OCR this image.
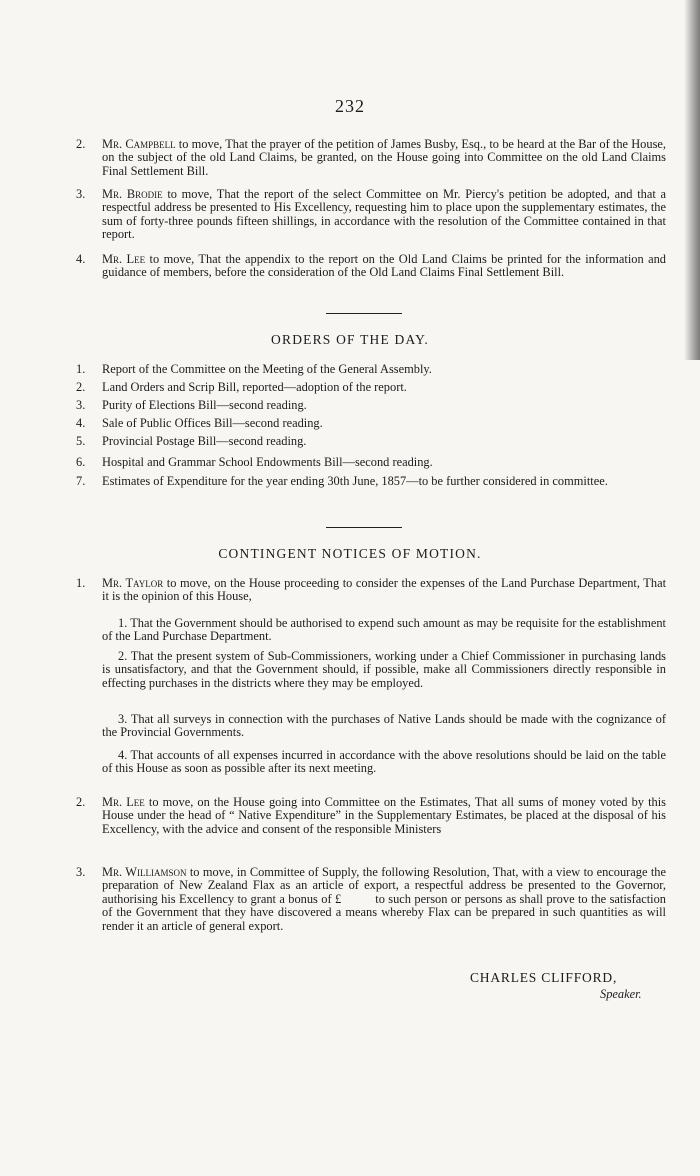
232
2. Mr. Campbell to move, That the prayer of the petition of James Busby, Esq., to be heard at the Bar of the House, on the subject of the old Land Claims, be granted, on the House going into Committee on the old Land Claims Final Settlement Bill.
3. Mr. Brodie to move, That the report of the select Committee on Mr. Piercy's petition be adopted, and that a respectful address be presented to His Excellency, requesting him to place upon the supplementary estimates, the sum of forty-three pounds fifteen shillings, in accordance with the resolution of the Committee contained in that report.
4. Mr. Lee to move, That the appendix to the report on the Old Land Claims be printed for the information and guidance of members, before the consideration of the Old Land Claims Final Settlement Bill.
ORDERS OF THE DAY.
1. Report of the Committee on the Meeting of the General Assembly.
2. Land Orders and Scrip Bill, reported—adoption of the report.
3. Purity of Elections Bill—second reading.
4. Sale of Public Offices Bill—second reading.
5. Provincial Postage Bill—second reading.
6. Hospital and Grammar School Endowments Bill—second reading.
7. Estimates of Expenditure for the year ending 30th June, 1857—to be further considered in committee.
CONTINGENT NOTICES OF MOTION.
1. Mr. Taylor to move, on the House proceeding to consider the expenses of the Land Purchase Department, That it is the opinion of this House,
1. That the Government should be authorised to expend such amount as may be requisite for the establishment of the Land Purchase Department.
2. That the present system of Sub-Commissioners, working under a Chief Commissioner in purchasing lands is unsatisfactory, and that the Government should, if possible, make all Commissioners directly responsible in effecting purchases in the districts where they may be employed.
3. That all surveys in connection with the purchases of Native Lands should be made with the cognizance of the Provincial Governments.
4. That accounts of all expenses incurred in accordance with the above resolutions should be laid on the table of this House as soon as possible after its next meeting.
2. Mr. Lee to move, on the House going into Committee on the Estimates, That all sums of money voted by this House under the head of “ Native Expenditure” in the Supplementary Estimates, be placed at the disposal of his Excellency, with the advice and consent of the responsible Ministers
3. Mr. Williamson to move, in Committee of Supply, the following Resolution, That, with a view to encourage the preparation of New Zealand Flax as an article of export, a respectful address be presented to the Governor, authorising his Excellency to grant a bonus of £          to such person or persons as shall prove to the satisfaction of the Government that they have discovered a means whereby Flax can be prepared in such quantities as will render it an article of general export.
CHARLES CLIFFORD,
Speaker.
